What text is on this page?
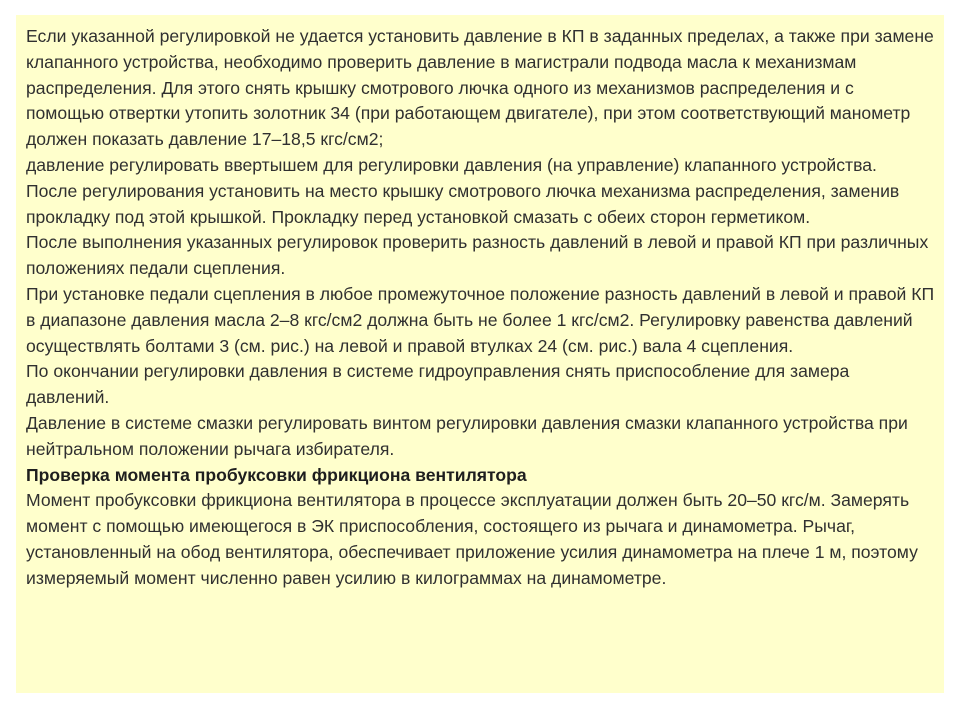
Если указанной регулировкой не удается установить давление в КП в заданных пределах, а также при замене клапанного устройства, необходимо проверить давление в магистрали подвода масла к механизмам распределения. Для этого снять крышку смотрового лючка одного из механизмов распределения и с помощью отвертки утопить золотник 34 (при работающем двигателе), при этом соответствующий манометр должен показать давление 17–18,5 кгс/см2;

давление регулировать ввертышем для регулировки давления (на управление) клапанного устройства.

После регулирования установить на место крышку смотрового лючка механизма распределения, заменив прокладку под этой крышкой. Прокладку перед установкой смазать с обеих сторон герметиком.

После выполнения указанных регулировок проверить разность давлений в левой и правой КП при различных положениях педали сцепления.

При установке педали сцепления в любое промежуточное положение разность давлений в левой и правой КП в диапазоне давления масла 2–8 кгс/см2 должна быть не более 1 кгс/см2. Регулировку равенства давлений осуществлять болтами 3 (см. рис.) на левой и правой втулках 24 (см. рис.) вала 4 сцепления.

По окончании регулировки давления в системе гидроуправления снять приспособление для замера давлений.

Давление в системе смазки регулировать винтом регулировки давления смазки клапанного устройства при нейтральном положении рычага избирателя.

Проверка момента пробуксовки фрикциона вентилятора

Момент пробуксовки фрикциона вентилятора в процессе эксплуатации должен быть 20–50 кгс/м. Замерять момент с помощью имеющегося в ЭК приспособления, состоящего из рычага и динамометра. Рычаг, установленный на обод вентилятора, обеспечивает приложение усилия динамометра на плече 1 м, поэтому измеряемый момент численно равен усилию в килограммах на динамометре.
